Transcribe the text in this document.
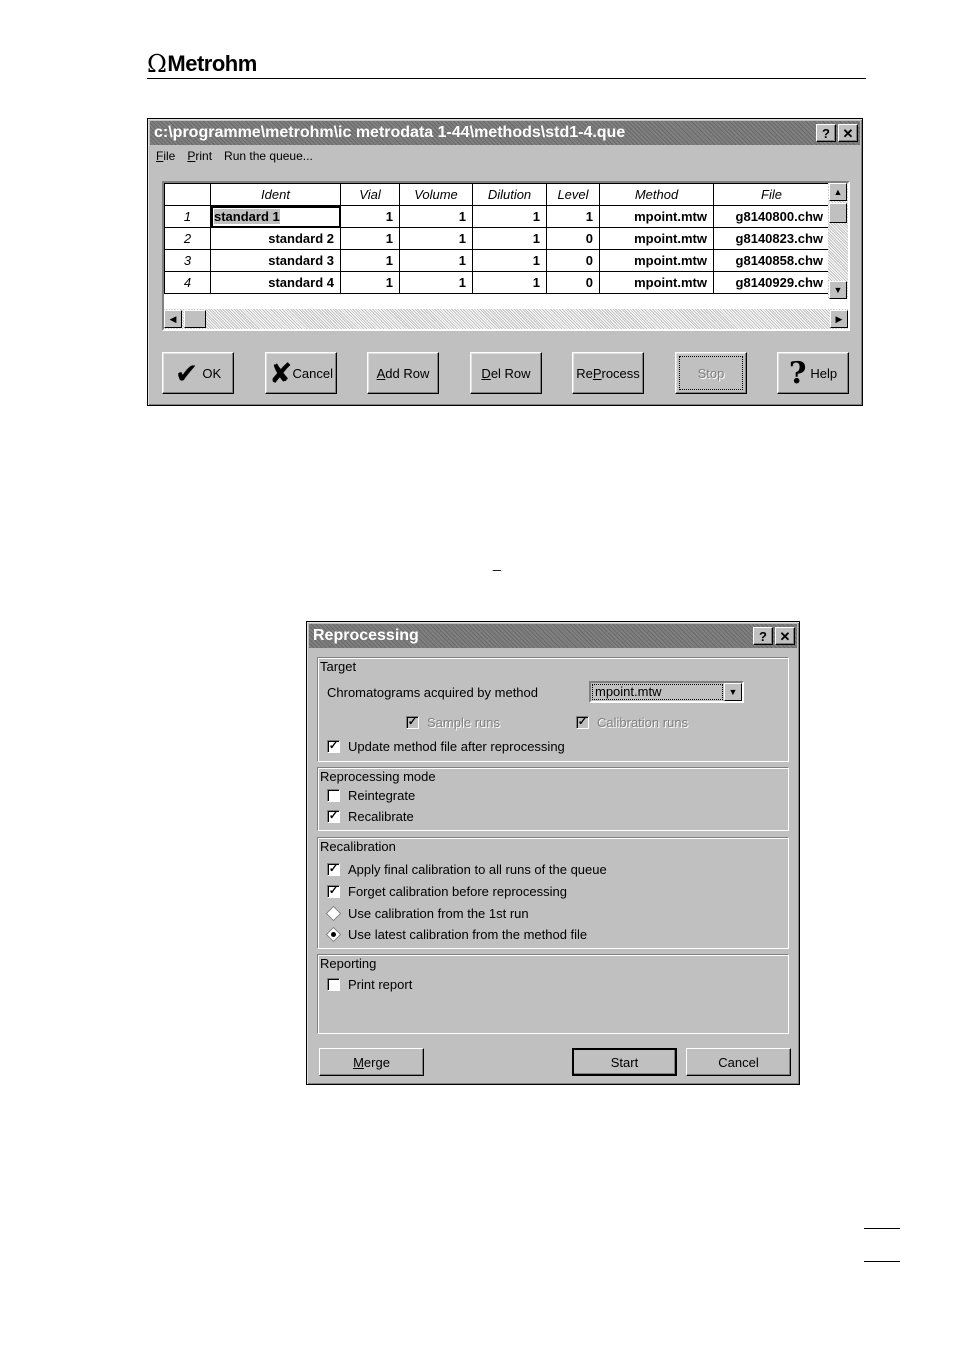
Ω Metrohm
c:\programme\metrohm\ic metrodata 1-44\methods\std1-4.que	? ✕
File Print Run the queue...
	Ident	Vial	Volume	Dilution	Level	Method	File
1	standard 1	1	1	1	1	mpoint.mtw	g8140800.chw
2	standard 2	1	1	1	0	mpoint.mtw	g8140823.chw
3	standard 3	1	1	1	0	mpoint.mtw	g8140858.chw
4	standard 4	1	1	1	0	mpoint.mtw	g8140929.chw
▲
▼
◀	▶
✔ OK ✘ Cancel	Add Row	Del Row	ReProcess	Stop ? Help
_
Reprocessing	? ✕
Target
Chromatograms acquired by method	mpoint.mtw	▼
✓ Sample runs	✓ Calibration runs
✓ Update method file after reprocessing
Reprocessing mode
Reintegrate
✓ Recalibrate
Recalibration
✓ Apply final calibration to all runs of the queue
✓ Forget calibration before reprocessing
Use calibration from the 1st run
Use latest calibration from the method file
Reporting
Print report
Merge	Start	Cancel
